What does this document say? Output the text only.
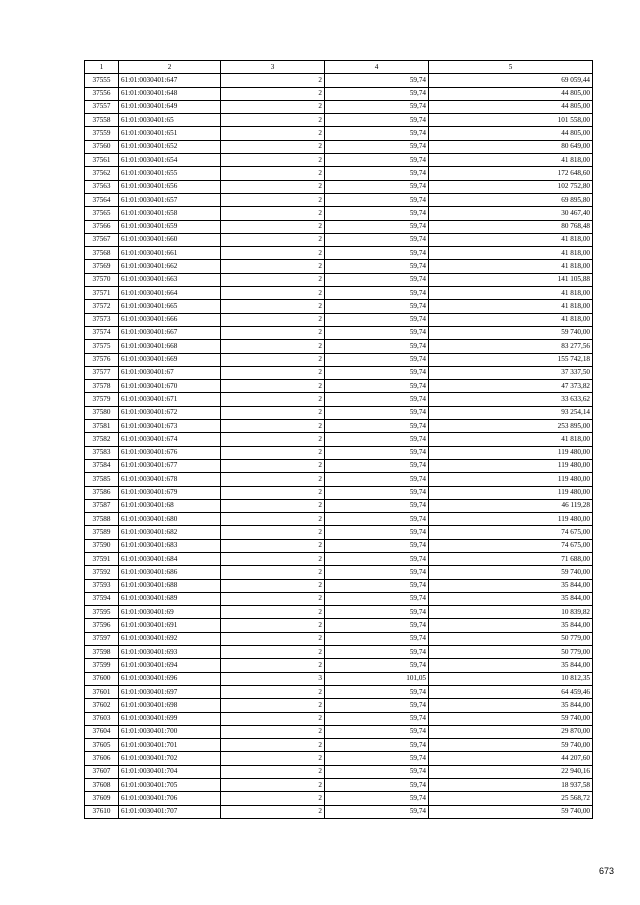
1	2	3	4	5
37555	61:01:0030401:647	2	59,74	69 059,44
37556	61:01:0030401:648	2	59,74	44 805,00
37557	61:01:0030401:649	2	59,74	44 805,00
37558	61:01:0030401:65	2	59,74	101 558,00
37559	61:01:0030401:651	2	59,74	44 805,00
37560	61:01:0030401:652	2	59,74	80 649,00
37561	61:01:0030401:654	2	59,74	41 818,00
37562	61:01:0030401:655	2	59,74	172 648,60
37563	61:01:0030401:656	2	59,74	102 752,80
37564	61:01:0030401:657	2	59,74	69 895,80
37565	61:01:0030401:658	2	59,74	30 467,40
37566	61:01:0030401:659	2	59,74	80 768,48
37567	61:01:0030401:660	2	59,74	41 818,00
37568	61:01:0030401:661	2	59,74	41 818,00
37569	61:01:0030401:662	2	59,74	41 818,00
37570	61:01:0030401:663	2	59,74	141 105,88
37571	61:01:0030401:664	2	59,74	41 818,00
37572	61:01:0030401:665	2	59,74	41 818,00
37573	61:01:0030401:666	2	59,74	41 818,00
37574	61:01:0030401:667	2	59,74	59 740,00
37575	61:01:0030401:668	2	59,74	83 277,56
37576	61:01:0030401:669	2	59,74	155 742,18
37577	61:01:0030401:67	2	59,74	37 337,50
37578	61:01:0030401:670	2	59,74	47 373,82
37579	61:01:0030401:671	2	59,74	33 633,62
37580	61:01:0030401:672	2	59,74	93 254,14
37581	61:01:0030401:673	2	59,74	253 895,00
37582	61:01:0030401:674	2	59,74	41 818,00
37583	61:01:0030401:676	2	59,74	119 480,00
37584	61:01:0030401:677	2	59,74	119 480,00
37585	61:01:0030401:678	2	59,74	119 480,00
37586	61:01:0030401:679	2	59,74	119 480,00
37587	61:01:0030401:68	2	59,74	46 119,28
37588	61:01:0030401:680	2	59,74	119 480,00
37589	61:01:0030401:682	2	59,74	74 675,00
37590	61:01:0030401:683	2	59,74	74 675,00
37591	61:01:0030401:684	2	59,74	71 688,00
37592	61:01:0030401:686	2	59,74	59 740,00
37593	61:01:0030401:688	2	59,74	35 844,00
37594	61:01:0030401:689	2	59,74	35 844,00
37595	61:01:0030401:69	2	59,74	10 839,82
37596	61:01:0030401:691	2	59,74	35 844,00
37597	61:01:0030401:692	2	59,74	50 779,00
37598	61:01:0030401:693	2	59,74	50 779,00
37599	61:01:0030401:694	2	59,74	35 844,00
37600	61:01:0030401:696	3	101,05	10 812,35
37601	61:01:0030401:697	2	59,74	64 459,46
37602	61:01:0030401:698	2	59,74	35 844,00
37603	61:01:0030401:699	2	59,74	59 740,00
37604	61:01:0030401:700	2	59,74	29 870,00
37605	61:01:0030401:701	2	59,74	59 740,00
37606	61:01:0030401:702	2	59,74	44 207,60
37607	61:01:0030401:704	2	59,74	22 940,16
37608	61:01:0030401:705	2	59,74	18 937,58
37609	61:01:0030401:706	2	59,74	25 568,72
37610	61:01:0030401:707	2	59,74	59 740,00
673
